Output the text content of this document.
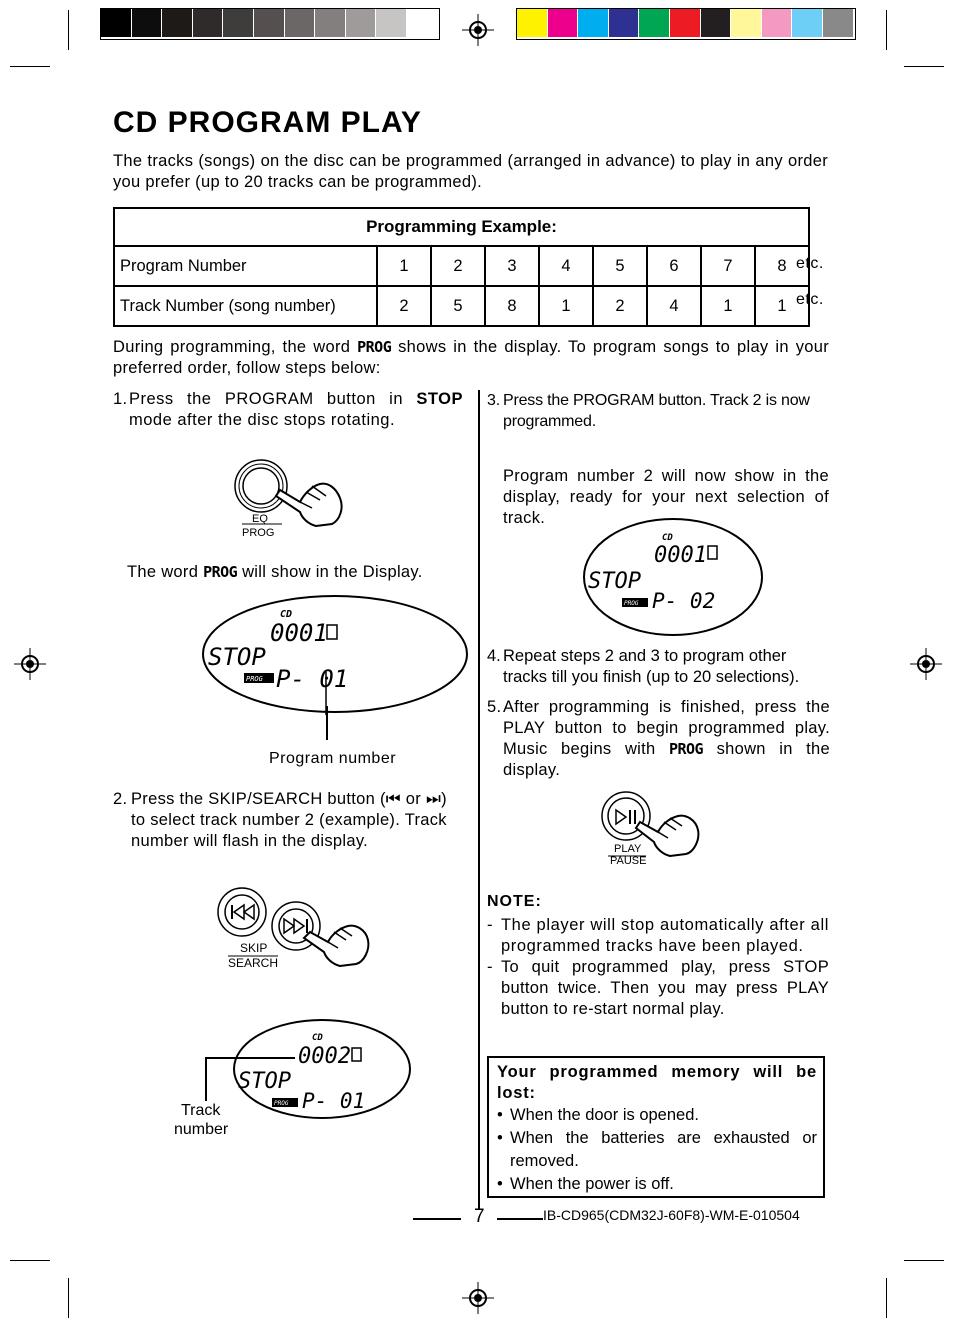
CD PROGRAM PLAY
The tracks (songs) on the disc can be programmed (arranged in advance) to play in any order you prefer (up to 20 tracks can be programmed).
Programming Example:								
Program Number	1	2	3	4	5	6	7	8
Track Number (song number)	2	5	8	1	2	4	1	1
etc.
etc.
During programming, the word PROG shows in the display. To program songs to play in your preferred order, follow steps below:
1. Press the PROGRAM button in STOP mode after the disc stops rotating.
EQ
PROG
The word PROG will show in the Display.
CD
0001
STOP
PROG P- 01
Program number
2. Press the SKIP/SEARCH button (⏮ or ⏭) to select track number 2 (example). Track number will flash in the display.
SKIP
SEARCH
CD
0002
STOP
PROG P- 01
Track
number
3. Press the PROGRAM button. Track 2 is now programmed.
Program number 2 will now show in the display, ready for your next selection of track.
CD
0001
STOP
PROG P- 02
4. Repeat steps 2 and 3 to program other tracks till you finish (up to 20 selections).
5. After programming is finished, press the PLAY button to begin programmed play. Music begins with PROG shown in the display.
PLAY
PAUSE
NOTE:
- The player will stop automatically after all programmed tracks have been played.
- To quit programmed play, press STOP button twice. Then you may press PLAY button to re-start normal play.
Your programmed memory will be lost:
• When the door is opened.
• When the batteries are exhausted or removed.
• When the power is off.
7	IB-CD965(CDM32J-60F8)-WM-E-010504
